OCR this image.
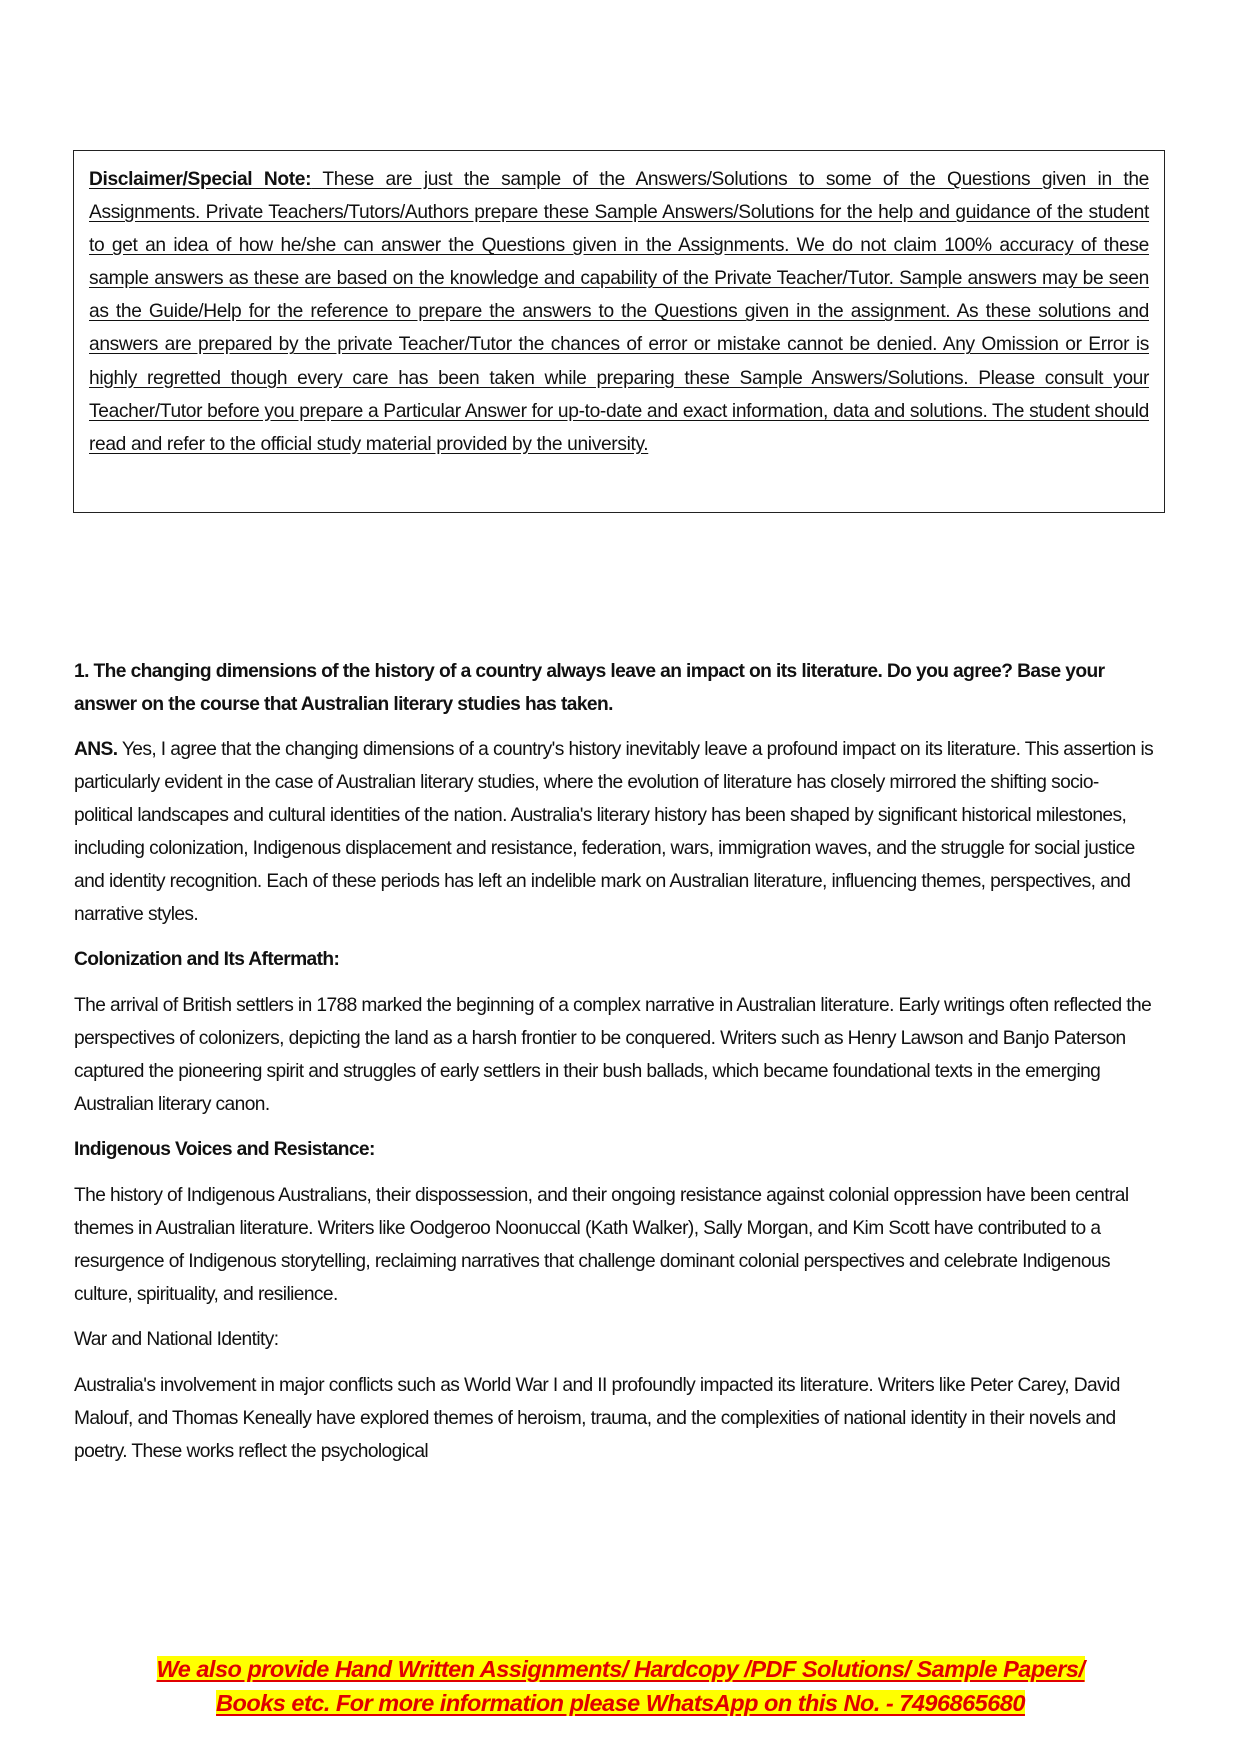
Disclaimer/Special Note: These are just the sample of the Answers/Solutions to some of the Questions given in the Assignments. Private Teachers/Tutors/Authors prepare these Sample Answers/Solutions for the help and guidance of the student to get an idea of how he/she can answer the Questions given in the Assignments. We do not claim 100% accuracy of these sample answers as these are based on the knowledge and capability of the Private Teacher/Tutor. Sample answers may be seen as the Guide/Help for the reference to prepare the answers to the Questions given in the assignment. As these solutions and answers are prepared by the private Teacher/Tutor the chances of error or mistake cannot be denied. Any Omission or Error is highly regretted though every care has been taken while preparing these Sample Answers/Solutions. Please consult your Teacher/Tutor before you prepare a Particular Answer for up-to-date and exact information, data and solutions. The student should read and refer to the official study material provided by the university.

1. The changing dimensions of the history of a country always leave an impact on its literature. Do you agree? Base your answer on the course that Australian literary studies has taken.

ANS. Yes, I agree that the changing dimensions of a country's history inevitably leave a profound impact on its literature. This assertion is particularly evident in the case of Australian literary studies, where the evolution of literature has closely mirrored the shifting socio-political landscapes and cultural identities of the nation. Australia's literary history has been shaped by significant historical milestones, including colonization, Indigenous displacement and resistance, federation, wars, immigration waves, and the struggle for social justice and identity recognition. Each of these periods has left an indelible mark on Australian literature, influencing themes, perspectives, and narrative styles.

Colonization and Its Aftermath:

The arrival of British settlers in 1788 marked the beginning of a complex narrative in Australian literature. Early writings often reflected the perspectives of colonizers, depicting the land as a harsh frontier to be conquered. Writers such as Henry Lawson and Banjo Paterson captured the pioneering spirit and struggles of early settlers in their bush ballads, which became foundational texts in the emerging Australian literary canon.

Indigenous Voices and Resistance:

The history of Indigenous Australians, their dispossession, and their ongoing resistance against colonial oppression have been central themes in Australian literature. Writers like Oodgeroo Noonuccal (Kath Walker), Sally Morgan, and Kim Scott have contributed to a resurgence of Indigenous storytelling, reclaiming narratives that challenge dominant colonial perspectives and celebrate Indigenous culture, spirituality, and resilience.

War and National Identity:

Australia's involvement in major conflicts such as World War I and II profoundly impacted its literature. Writers like Peter Carey, David Malouf, and Thomas Keneally have explored themes of heroism, trauma, and the complexities of national identity in their novels and poetry. These works reflect the psychological

We also provide Hand Written Assignments/ Hardcopy /PDF Solutions/ Sample Papers/
Books etc. For more information please WhatsApp on this No. - 7496865680
